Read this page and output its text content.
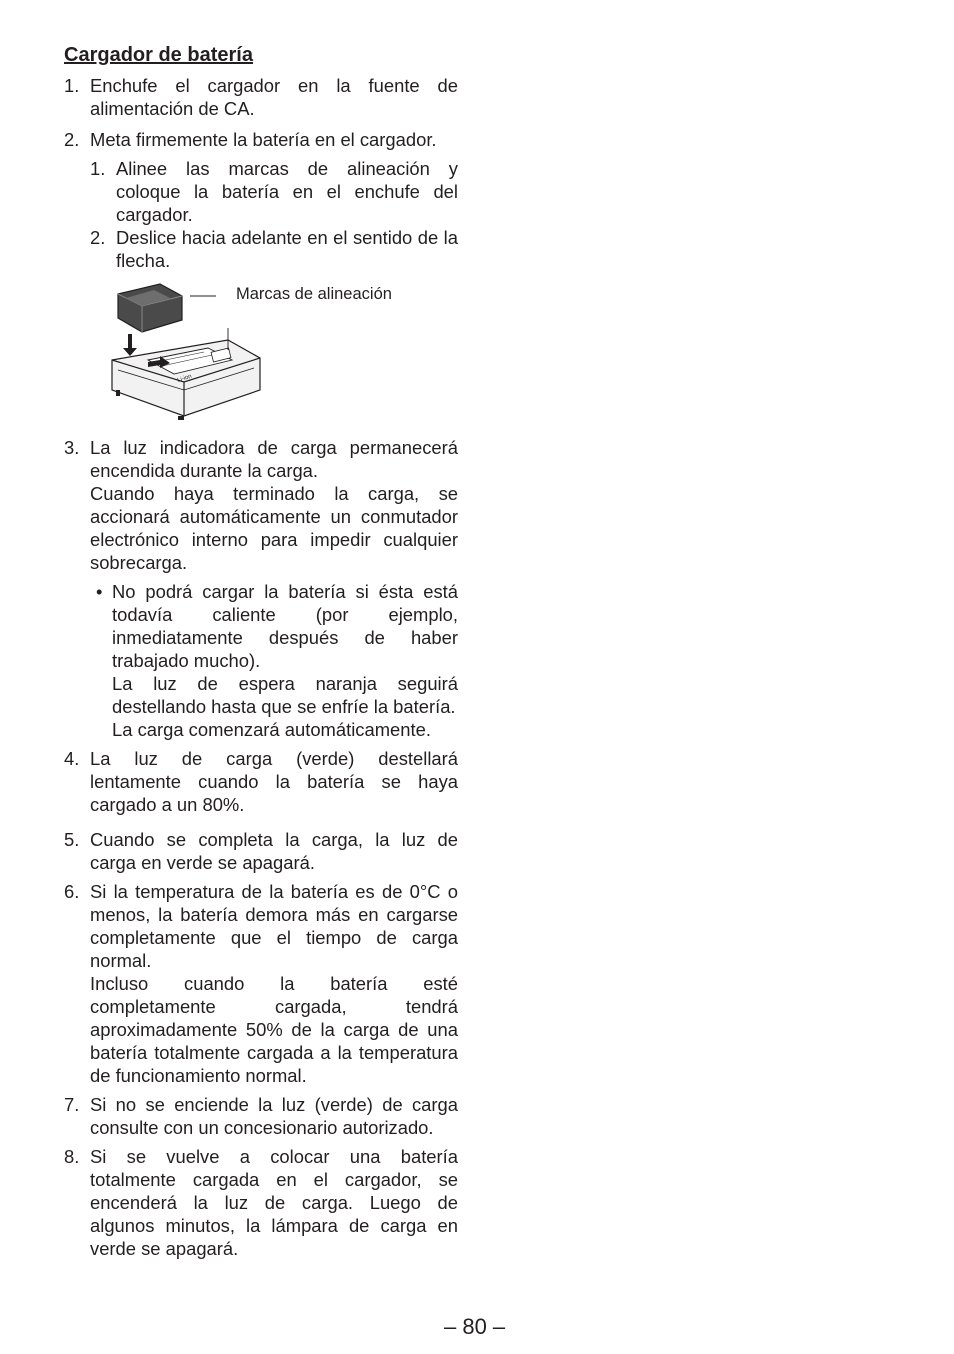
Cargador de batería
1. Enchufe el cargador en la fuente de alimentación de CA.

2. Meta firmemente la batería en el cargador.

1. Alinee las marcas de alineación y coloque la batería en el enchufe del cargador.

2. Deslice hacia adelante en el sentido de la flecha.

Li-ion
Marcas de alineación
3. La luz indicadora de carga permanecerá encendida durante la carga.

Cuando haya terminado la carga, se accionará automáticamente un conmutador electrónico interno para impedir cualquier sobrecarga.

• No podrá cargar la batería si ésta está todavía caliente (por ejemplo, inmediatamente después de haber trabajado mucho).

La luz de espera naranja seguirá destellando hasta que se enfríe la batería.

La carga comenzará automáticamente.

4. La luz de carga (verde) destellará lentamente cuando la batería se haya cargado a un 80%.

5. Cuando se completa la carga, la luz de carga en verde se apagará.

6. Si la temperatura de la batería es de 0°C o menos, la batería demora más en cargarse completamente que el tiempo de carga normal.

Incluso cuando la batería esté completamente cargada, tendrá aproximadamente 50% de la carga de una batería totalmente cargada a la temperatura de funcionamiento normal.

7. Si no se enciende la luz (verde) de carga consulte con un concesionario autorizado.

8. Si se vuelve a colocar una batería totalmente cargada en el cargador, se encenderá la luz de carga. Luego de algunos minutos, la lámpara de carga en verde se apagará.

– 80 –
